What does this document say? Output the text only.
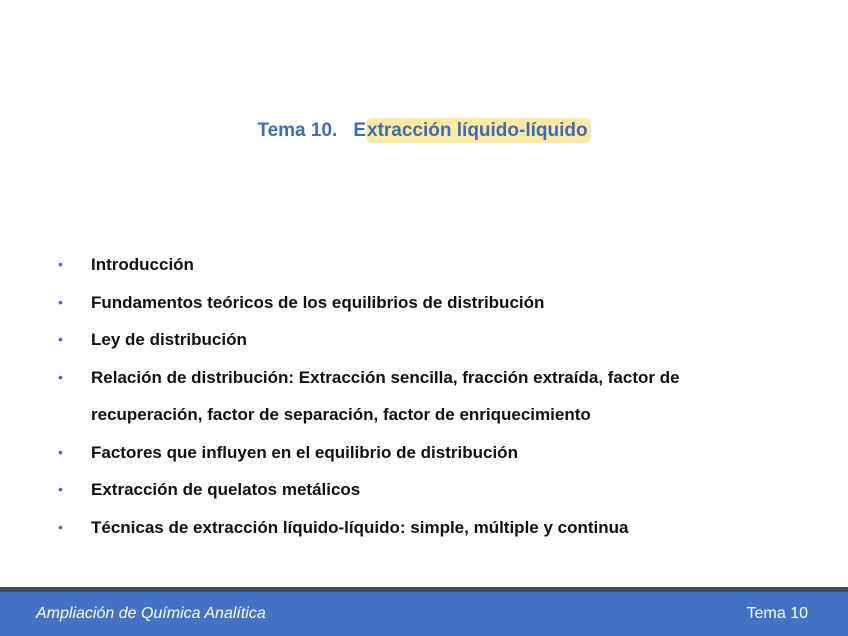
Tema 10. Extracción líquido-líquido
• Introducción
• Fundamentos teóricos de los equilibrios de distribución
• Ley de distribución
• Relación de distribución: Extracción sencilla, fracción extraída, factor de recuperación, factor de separación, factor de enriquecimiento
• Factores que influyen en el equilibrio de distribución
• Extracción de quelatos metálicos
• Técnicas de extracción líquido-líquido: simple, múltiple y continua
Ampliación de Química Analítica	Tema 10
